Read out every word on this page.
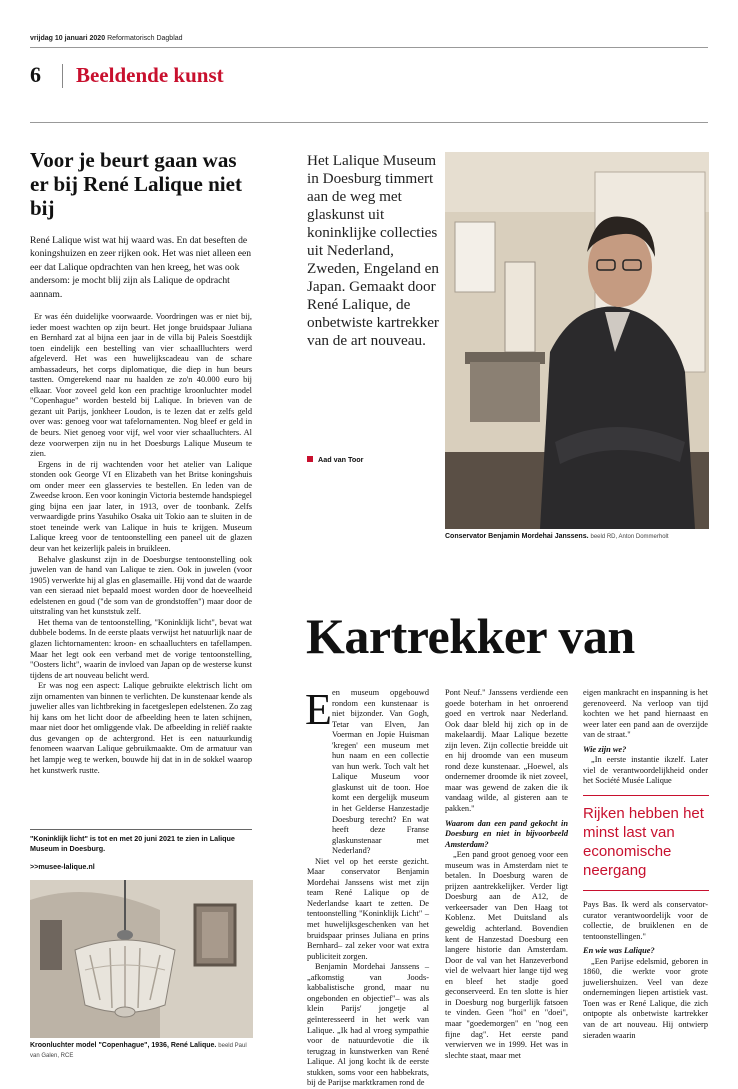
vrijdag 10 januari 2020 Reformatorisch Dagblad
6 Beeldende kunst
Voor je beurt gaan was er bij René Lalique niet bij
René Lalique wist wat hij waard was. En dat beseften de koningshuizen en zeer rijken ook. Het was niet alleen een eer dat Lalique opdrachten van hen kreeg, het was ook andersom: je mocht blij zijn als Lalique de opdracht aannam.

Er was één duidelijke voorwaarde. Voordringen was er niet bij, ieder moest wachten op zijn beurt. Het jonge bruidspaar Juliana en Bernhard zat al bijna een jaar in de villa bij Paleis Soestdijk toen eindelijk een bestelling van vier schaallluchters werd afgeleverd. Het was een huwelijkscadeau van de schare ambassadeurs, het corps diplomatique, die diep in hun beurs tastten. Omgerekend naar nu haalden ze zo'n 40.000 euro bij elkaar. Voor zoveel geld kon een prachtige kroonluchter model "Copenhague" worden besteld bij Lalique. In brieven van de gezant uit Parijs, jonkheer Loudon, is te lezen dat er zelfs geld over was: genoeg voor wat tafelornamenten. Nog bleef er geld in de beurs. Niet genoeg voor vijf, wel voor vier schaalluchters. Al deze voorwerpen zijn nu in het Doesburgs Lalique Museum te zien.

Ergens in de rij wachtenden voor het atelier van Lalique stonden ook George VI en Elizabeth van het Britse koningshuis om onder meer een glasservies te bestellen. En leden van de Zweedse kroon. Een voor koningin Victoria bestemde handspiegel ging bijna een jaar later, in 1913, over de toonbank. Zelfs verwaardigde prins Yasuhiko Osaka uit Tokio aan te sluiten in de stoet teneinde werk van Lalique in huis te krijgen. Museum Lalique kreeg voor de tentoonstelling een paneel uit de glazen deur van het keizerlijk paleis in bruikleen.

Behalve glaskunst zijn in de Doesburgse tentoonstelling ook juwelen van de hand van Lalique te zien. Ook in juwelen (voor 1905) verwerkte hij al glas en glasemaille. Hij vond dat de waarde van een sieraad niet bepaald moest worden door de hoeveelheid edelstenen en goud ("de som van de grondstoffen") maar door de uitstraling van het kunststuk zelf.

Het thema van de tentoonstelling, "Koninklijk licht", bevat wat dubbele bodems. In de eerste plaats verwijst het natuurlijk naar de glazen lichtornamenten: kroon- en schaalluchters en tafellampen. Maar het legt ook een verband met de vorige tentoonstelling, "Oosters licht", waarin de invloed van Japan op de westerse kunst tijdens de art nouveau belicht werd.

Er was nog een aspect: Lalique gebruikte elektrisch licht om zijn ornamenten van binnen te verlichten. De kunstenaar kende als juwelier alles van lichtbreking in facetgeslepen edelstenen. Zo zag hij kans om het licht door de afbeelding heen te laten schijnen, maar niet door het omliggende vlak. De afbeelding in reliëf raakte dus gevangen op de achtergrond. Het is een natuurkundig fenomeen waarvan Lalique gebruikmaakte. Om de armatuur van het lampje weg te werken, bouwde hij dat in in de sokkel waarop het kunstwerk rustte.

"Koninklijk licht" is tot en met 20 juni 2021 te zien in Lalique Museum in Doesburg.
>>musee-lalique.nl
Kroonluchter model "Copenhague", 1936, René Lalique. beeld Paul van Galen, RCE
Het Lalique Museum in Doesburg timmert aan de weg met glaskunst uit koninklijke collecties uit Nederland, Zweden, Engeland en Japan. Gemaakt door René Lalique, de onbetwiste kartrekker van de art nouveau.
Aad van Toor
Conservator Benjamin Mordehai Janssens. beeld RD, Anton Dommerholt
Kartrekker van
E en museum opgebouwd rondom een kunstenaar is niet bijzonder. Van Gogh, Tetar van Elven, Jan Voerman en Jopie Huisman 'kregen' een museum met hun naam en een collectie van hun werk. Toch valt het Lalique Museum voor glaskunst uit de toon. Hoe komt een dergelijk museum in het Gelderse Hanzestadje Doesburg terecht? En wat heeft deze Franse glaskunstenaar met Nederland?

Niet vel op het eerste gezicht. Maar conservator Benjamin Mordehai Janssens wist met zijn team René Lalique op de Nederlandse kaart te zetten. De tentoonstelling "Koninklijk Licht" –met huwelijksgeschenken van het bruidspaar prinses Juliana en prins Bernhard– zal zeker voor wat extra publiciteit zorgen.

Benjamin Mordehai Janssens –„afkomstig van Joods-kabbalistische grond, maar nu ongebonden en objectief"– was als klein Parijs' jongetje al geïnteresseerd in het werk van Lalique. „Ik had al vroeg sympathie voor de natuurdevotie die ik terugzag in kunstwerken van René Lalique. Al jong kocht ik de eerste stukken, soms voor een habbekrats, bij de Parijse marktkramen rond de

Pont Neuf." Janssens verdiende een goede boterham in het onroerend goed en vertrok naar Nederland. Ook daar bleld hij zich op in de makelaardij. Maar Lalique bezette zijn leven. Zijn collectie breidde uit en hij droomde van een museum rond deze kunstenaar. „Hoewel, als ondernemer droomde ik niet zoveel, maar was gewend de zaken die ik vandaag wilde, al gisteren aan te pakken."

Waarom dan een pand gekocht in Doesburg en niet in bijvoorbeeld Amsterdam?

„Een pand groot genoeg voor een museum was in Amsterdam niet te betalen. In Doesburg waren de prijzen aantrekkelijker. Verder ligt Doesburg aan de A12, de verkeersader van Den Haag tot Koblenz. Met Duitsland als geweldig achterland. Bovendien kent de Hanzestad Doesburg een langere historie dan Amsterdam. Door de val van het Hanzeverbond viel de welvaart hier lange tijd weg en bleef het stadje goed geconserveerd. En ten slotte is hier in Doesburg nog burgerlijk fatsoen te vinden. Geen "hoi" en "doei", maar "goedemorgen" en "nog een fijne dag". Het eerste pand verwierven we in 1999. Het was in slechte staat, maar met

eigen mankracht en inspanning is het gerenoveerd. Na verloop van tijd kochten we het pand hiernaast en weer later een pand aan de overzijde van de straat."

Wie zijn we?

„In eerste instantie ikzelf. Later viel de verantwoordelijkheid onder het Société Musée Lalique

Rijken hebben het minst last van economische neergang

Pays Bas. Ik werd als conservator-curator verantwoordelijk voor de collectie, de bruiklenen en de tentoonstellingen."

En wie was Lalique?

„Een Parijse edelsmid, geboren in 1860, die werkte voor grote juweliershuizen. Veel van deze ondernemingen liepen artistiek vast. Toen was er René Lalique, die zich ontpopte als onbetwiste kartrekker van de art nouveau. Hij ontwierp sieraden waarin
